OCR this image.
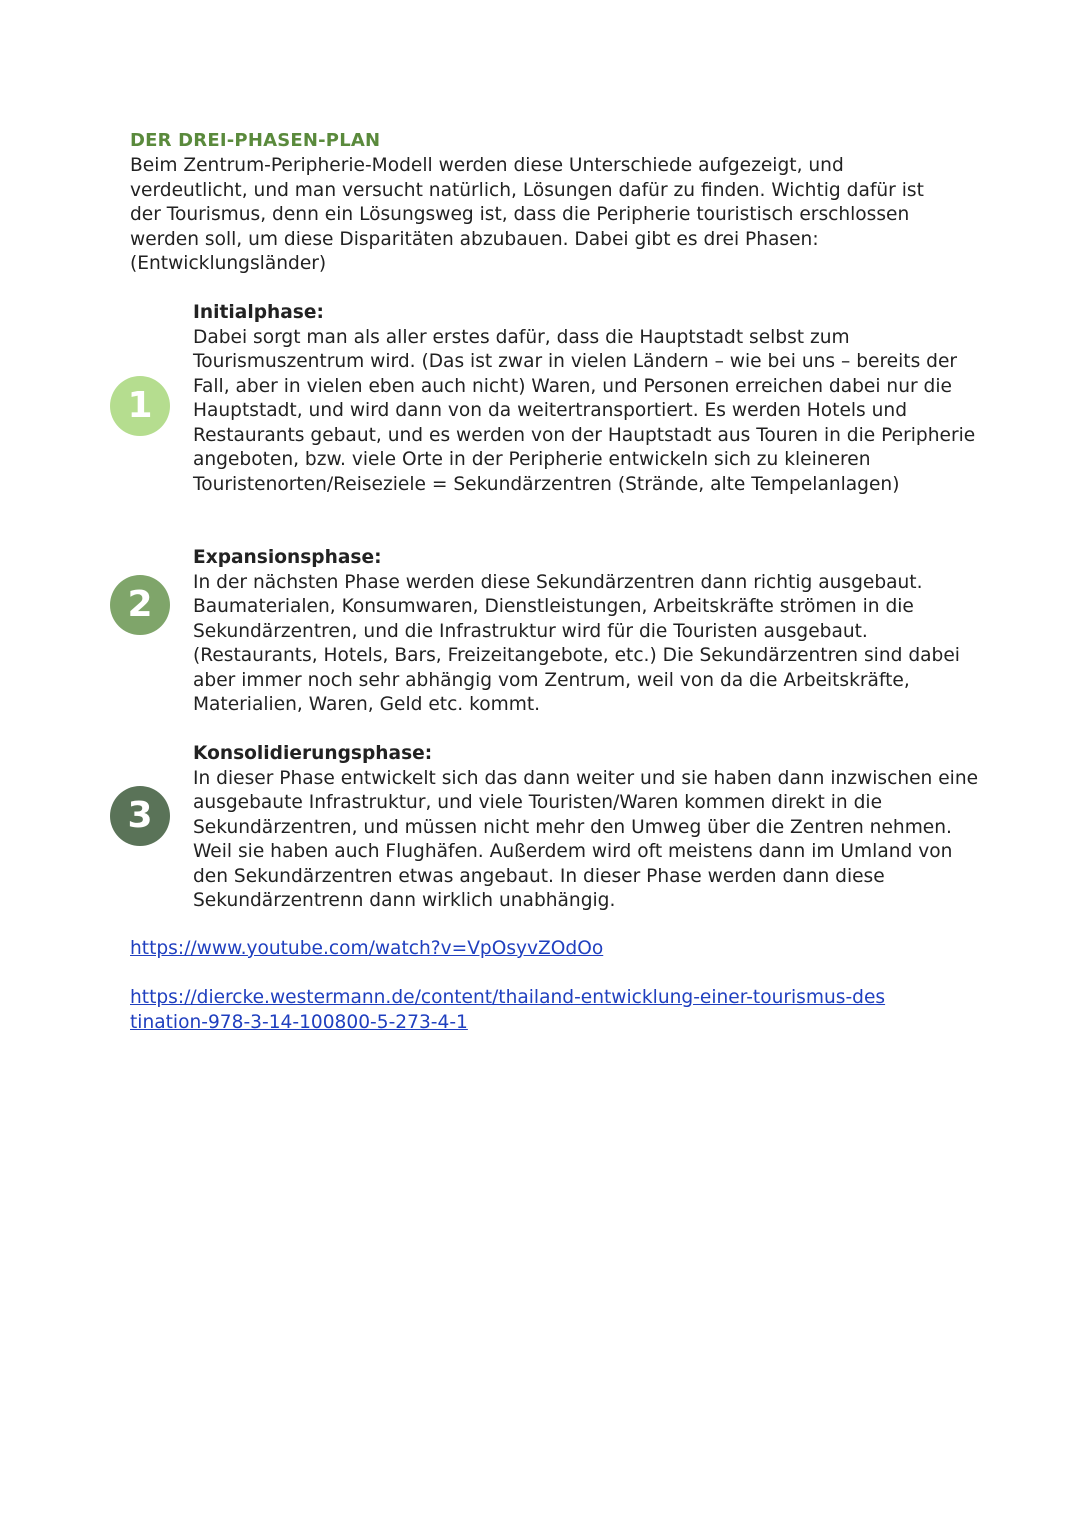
DER DREI-PHASEN-PLAN

Beim Zentrum-Peripherie-Modell werden diese Unterschiede aufgezeigt, und verdeutlicht, und man versucht natürlich, Lösungen dafür zu finden. Wichtig dafür ist der Tourismus, denn ein Lösungsweg ist, dass die Peripherie touristisch erschlossen werden soll, um diese Disparitäten abzubauen. Dabei gibt es drei Phasen: (Entwicklungsländer)

1
Initialphase:
Dabei sorgt man als aller erstes dafür, dass die Hauptstadt selbst zum Tourismuszentrum wird. (Das ist zwar in vielen Ländern – wie bei uns – bereits der Fall, aber in vielen eben auch nicht) Waren, und Personen erreichen dabei nur die Hauptstadt, und wird dann von da weitertransportiert. Es werden Hotels und Restaurants gebaut, und es werden von der Hauptstadt aus Touren in die Peripherie angeboten, bzw. viele Orte in der Peripherie entwickeln sich zu kleineren Touristenorten/Reiseziele = Sekundärzentren (Strände, alte Tempelanlagen)
2
Expansionsphase:
In der nächsten Phase werden diese Sekundärzentren dann richtig ausgebaut. Baumaterialen, Konsumwaren, Dienstleistungen, Arbeitskräfte strömen in die Sekundärzentren, und die Infrastruktur wird für die Touristen ausgebaut. (Restaurants, Hotels, Bars, Freizeitangebote, etc.) Die Sekundärzentren sind dabei aber immer noch sehr abhängig vom Zentrum, weil von da die Arbeitskräfte, Materialien, Waren, Geld etc. kommt.
3
Konsolidierungsphase:
In dieser Phase entwickelt sich das dann weiter und sie haben dann inzwischen eine ausgebaute Infrastruktur, und viele Touristen/Waren kommen direkt in die Sekundärzentren, und müssen nicht mehr den Umweg über die Zentren nehmen. Weil sie haben auch Flughäfen. Außerdem wird oft meistens dann im Umland von den Sekundärzentren etwas angebaut. In dieser Phase werden dann diese Sekundärzentrenn dann wirklich unabhängig.
https://www.youtube.com/watch?v=VpOsyvZOdOo
https://diercke.westermann.de/content/thailand-entwicklung-einer-tourismus-destination-978-3-14-100800-5-273-4-1
